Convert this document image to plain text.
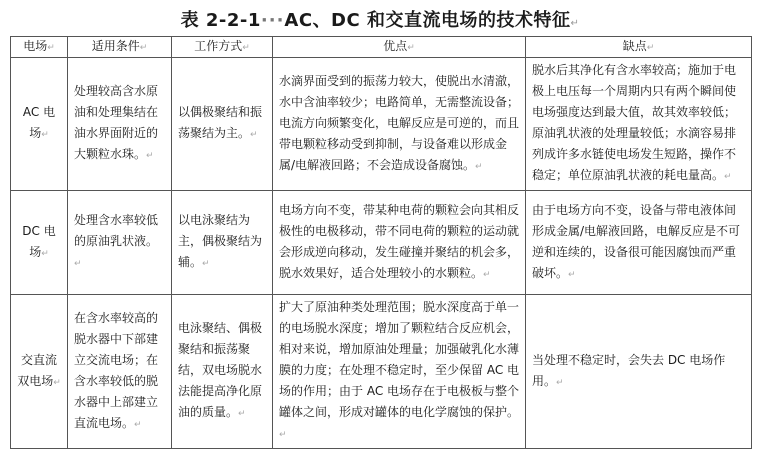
表 2-2-1···AC、DC 和交直流电场的技术特征↵
电场↵	适用条件↵	工作方式↵	优点↵	缺点↵
AC 电场↵	处理较高含水原油和处理集结在油水界面附近的大颗粒水珠。↵	以偶极聚结和振荡聚结为主。↵	水滴界面受到的振荡力较大，使脱出水清澈，水中含油率较少；电路简单，无需整流设备；电流方向频繁变化，电解反应是可逆的，而且带电颗粒移动受到抑制，与设备难以形成金属/电解液回路；不会造成设备腐蚀。↵	脱水后其净化有含水率较高；施加于电极上电压每一个周期内只有两个瞬间使电场强度达到最大值，故其效率较低；原油乳状液的处理量较低；水滴容易排列成许多水链使电场发生短路，操作不稳定；单位原油乳状液的耗电量高。↵
DC 电场↵	处理含水率较低的原油乳状液。↵	以电泳聚结为主，偶极聚结为辅。↵	电场方向不变，带某种电荷的颗粒会向其相反极性的电极移动，带不同电荷的颗粒的运动就会形成逆向移动，发生碰撞并聚结的机会多，脱水效果好，适合处理较小的水颗粒。↵	由于电场方向不变，设备与带电液体间形成金属/电解液回路，电解反应是不可逆和连续的，设备很可能因腐蚀而严重破坏。↵
交直流双电场↵	在含水率较高的脱水器中下部建立交流电场；在含水率较低的脱水器中上部建立直流电场。↵	电泳聚结、偶极聚结和振荡聚结，双电场脱水法能提高净化原油的质量。↵	扩大了原油种类处理范围；脱水深度高于单一的电场脱水深度；增加了颗粒结合反应机会，相对来说，增加原油处理量；加强破乳化水薄膜的力度；在处理不稳定时，至少保留 AC 电场的作用；由于 AC 电场存在于电极板与整个罐体之间，形成对罐体的电化学腐蚀的保护。↵	当处理不稳定时，会失去 DC 电场作用。↵
